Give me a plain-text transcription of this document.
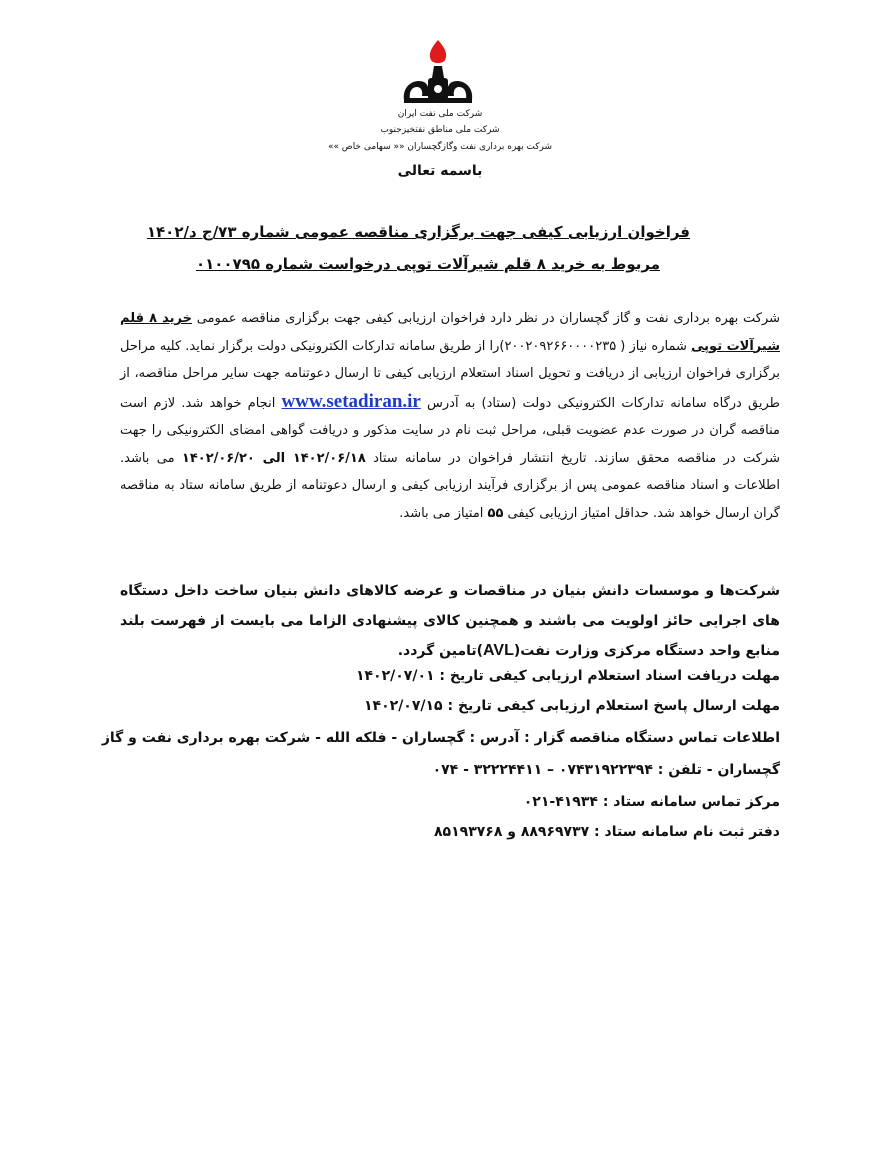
شرکت ملی نفت ایران
شرکت ملی مناطق نفتخیزجنوب
شرکت بهره برداری نفت وگازگچساران «« سهامی خاص »»
باسمه تعالی
فراخوان ارزیابی کیفی جهت برگزاری مناقصه عمومی شماره ۷۳/ج د/۱۴۰۲
مربوط به خرید ۸ قلم شیرآلات توپی درخواست شماره ۰۱۰۰۷۹۵
شرکت بهره برداری نفت و گاز گچساران در نظر دارد فراخوان ارزیابی کیفی جهت برگزاری مناقصه عمومی خرید ۸ قلم شیرآلات توپی شماره نیاز ( ۲۰۰۲۰۹۲۶۶۰۰۰۰۲۳۵)را از طریق سامانه تدارکات الکترونیکی دولت برگزار نماید. کلیه مراحل برگزاری فراخوان ارزیابی از دریافت و تحویل اسناد استعلام ارزیابی کیفی تا ارسال دعوتنامه جهت سایر مراحل مناقصه، از طریق درگاه سامانه تدارکات الکترونیکی دولت (ستاد) به آدرس www.setadiran.ir انجام خواهد شد. لازم است مناقصه گران در صورت عدم عضویت قبلی، مراحل ثبت نام در سایت مذکور و دریافت گواهی امضای الکترونیکی را جهت شرکت در مناقصه محقق سازند. تاریخ انتشار فراخوان در سامانه ستاد ۱۴۰۲/۰۶/۱۸ الی ۱۴۰۲/۰۶/۲۰ می باشد. اطلاعات و اسناد مناقصه عمومی پس از برگزاری فرآیند ارزیابی کیفی و ارسال دعوتنامه از طریق سامانه ستاد به مناقصه گران ارسال خواهد شد. حداقل امتیاز ارزیابی کیفی ۵۵ امتیاز می باشد.
شرکت‌ها و موسسات دانش بنیان در مناقصات و عرضه کالاهای دانش بنیان ساخت داخل دستگاه های اجرایی حائز اولویت می باشند و همچنین کالای پیشنهادی الزاما می بایست از فهرست بلند منابع واحد دستگاه مرکزی وزارت نفت(AVL)تامین گردد.
مهلت دریافت اسناد استعلام ارزیابی کیفی تاریخ : ۱۴۰۲/۰۷/۰۱
مهلت ارسال پاسخ استعلام ارزیابی کیفی تاریخ : ۱۴۰۲/۰۷/۱۵
اطلاعات تماس دستگاه مناقصه گزار : آدرس : گچساران - فلکه الله - شرکت بهره برداری نفت و گاز
گچساران - تلفن : ۰۷۴۳۱۹۲۲۳۹۴ – ۳۲۲۲۴۴۱۱ - ۰۷۴
مرکز تماس سامانه ستاد : ۴۱۹۳۴-۰۲۱
دفتر ثبت نام سامانه ستاد : ۸۸۹۶۹۷۳۷ و ۸۵۱۹۳۷۶۸
